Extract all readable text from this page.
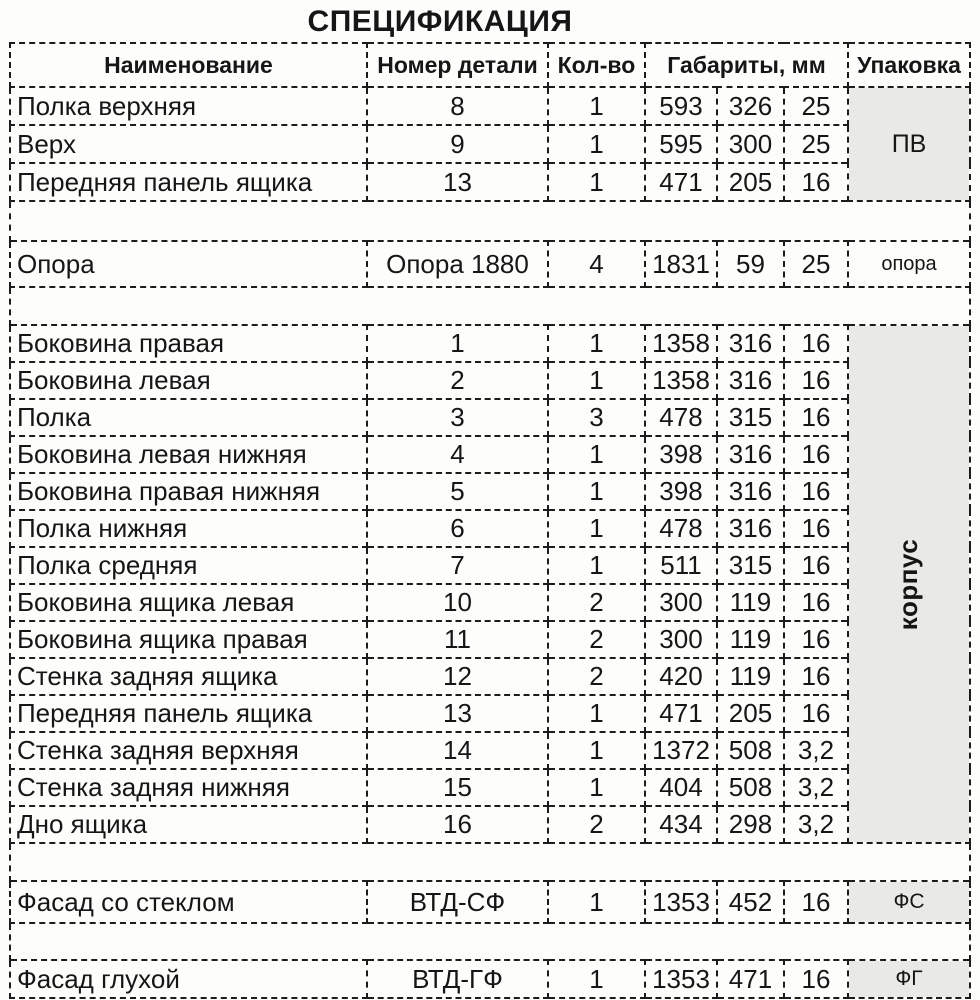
СПЕЦИФИКАЦИЯ
Наименование	Номер детали	Кол-во	Габариты, мм			Упаковка
Полка верхняя	8	1	593	326	25	ПВ
Верх	9	1	595	300	25	
Передняя панель ящика	13	1	471	205	16	

Опора	Опора 1880	4	1831	59	25	опора

Боковина правая	1	1	1358	316	16	корпус
Боковина левая	2	1	1358	316	16	
Полка	3	3	478	315	16	
Боковина левая нижняя	4	1	398	316	16	
Боковина правая нижняя	5	1	398	316	16	
Полка нижняя	6	1	478	316	16	
Полка средняя	7	1	511	315	16	
Боковина ящика левая	10	2	300	119	16	
Боковина ящика правая	11	2	300	119	16	
Стенка задняя ящика	12	2	420	119	16	
Передняя панель ящика	13	1	471	205	16	
Стенка задняя верхняя	14	1	1372	508	3,2	
Стенка задняя нижняя	15	1	404	508	3,2	
Дно ящика	16	2	434	298	3,2	

Фасад со стеклом	ВТД-СФ	1	1353	452	16	ФС

Фасад глухой	ВТД-ГФ	1	1353	471	16	ФГ
